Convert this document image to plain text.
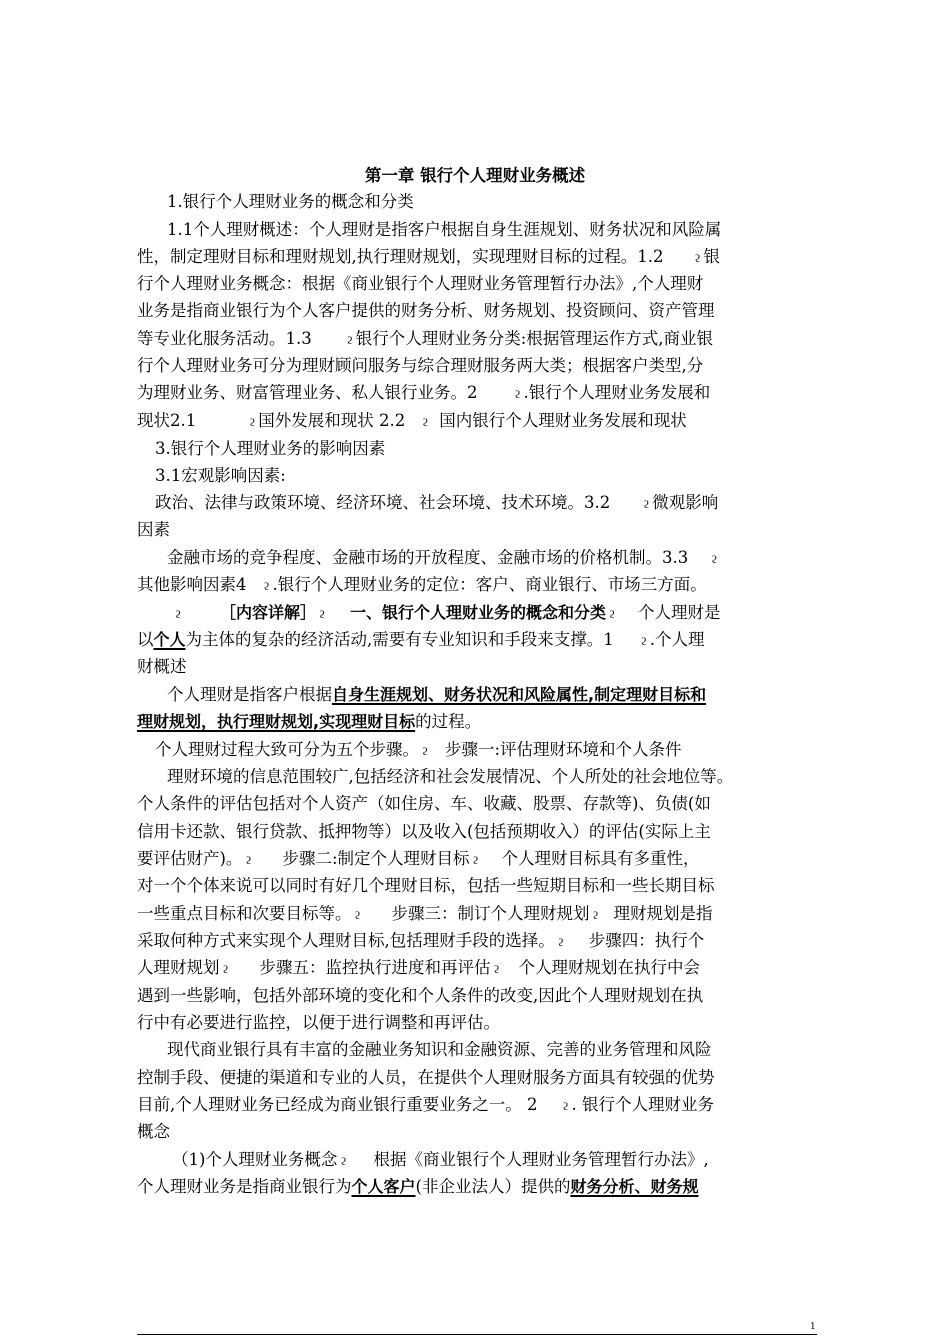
第一章 银行个人理财业务概述
1.银行个人理财业务的概念和分类
1.1个人理财概述：个人理财是指客户根据自身生涯规划、财务状况和风险属
性，制定理财目标和理财规划,执行理财规划，实现理财目标的过程。1.2	ϩ 银
行个人理财业务概念：根据《商业银行个人理财业务管理暂行办法》,个人理财
业务是指商业银行为个人客户提供的财务分析、财务规划、投资顾问、资产管理
等专业化服务活动。1.3	ϩ 银行个人理财业务分类:根据管理运作方式,商业银
行个人理财业务可分为理财顾问服务与综合理财服务两大类；根据客户类型,分
为理财业务、财富管理业务、私人银行业务。2	ϩ .银行个人理财业务发展和
现状2.1	ϩ 国外发展和现状 2.2 ϩ 国内银行个人理财业务发展和现状
3.银行个人理财业务的影响因素
3.1宏观影响因素:
政治、法律与政策环境、经济环境、社会环境、技术环境。3.2	ϩ 微观影响
因素
金融市场的竞争程度、金融市场的开放程度、金融市场的价格机制。3.3 ϩ
其他影响因素4 ϩ .银行个人理财业务的定位：客户、商业银行、市场三方面。
ϩ ［内容详解］ ϩ 一、银行个人理财业务的概念和分类 ϩ 个人理财是
以个人为主体的复杂的经济活动,需要有专业知识和手段来支撑。1 ϩ .个人理
财概述
个人理财是指客户根据自身生涯规划、财务状况和风险属性,制定理财目标和
理财规划，执行理财规划,实现理财目标的过程。
个人理财过程大致可分为五个步骤。 ϩ 步骤一:评估理财环境和个人条件
理财环境的信息范围较广,包括经济和社会发展情况、个人所处的社会地位等。
个人条件的评估包括对个人资产（如住房、车、收藏、股票、存款等)、负债(如
信用卡还款、银行贷款、抵押物等）以及收入(包括预期收入）的评估(实际上主
要评估财产)。 ϩ 步骤二:制定个人理财目标 ϩ 个人理财目标具有多重性，
对一个个体来说可以同时有好几个理财目标，包括一些短期目标和一些长期目标
一些重点目标和次要目标等。 ϩ 步骤三：制订个人理财规划 ϩ 理财规划是指
采取何种方式来实现个人理财目标,包括理财手段的选择。 ϩ 步骤四：执行个
人理财规划 ϩ 步骤五：监控执行进度和再评估 ϩ 个人理财规划在执行中会
遇到一些影响，包括外部环境的变化和个人条件的改变,因此个人理财规划在执
行中有必要进行监控，以便于进行调整和再评估。
现代商业银行具有丰富的金融业务知识和金融资源、完善的业务管理和风险
控制手段、便捷的渠道和专业的人员，在提供个人理财服务方面具有较强的优势
目前,个人理财业务已经成为商业银行重要业务之一。 2 ϩ . 银行个人理财业务
概念
（1)个人理财业务概念 ϩ 根据《商业银行个人理财业务管理暂行办法》,
个人理财业务是指商业银行为个人客户(非企业法人）提供的财务分析、财务规
1
